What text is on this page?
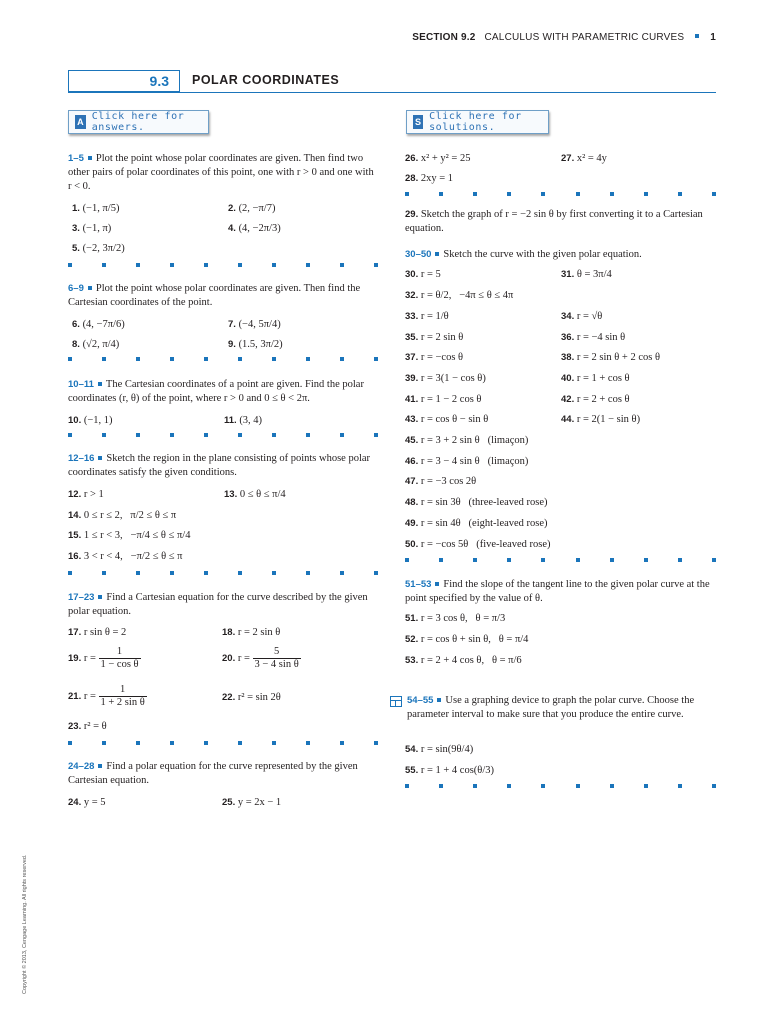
SECTION 9.2 CALCULUS WITH PARAMETRIC CURVES	1
9.3	POLAR COORDINATES
A Click here for answers.	S Click here for solutions.
1–5 Plot the point whose polar coordinates are given. Then find two other pairs of polar coordinates of this point, one with r > 0 and one with r < 0.
1. (−1, π/5)	2. (2, −π/7)
3. (−1, π)	4. (4, −2π/3)
5. (−2, 3π/2)
6–9 Plot the point whose polar coordinates are given. Then find the Cartesian coordinates of the point.
6. (4, −7π/6)	7. (−4, 5π/4)
8. (√2, π/4)	9. (1.5, 3π/2)
10–11 The Cartesian coordinates of a point are given. Find the polar coordinates (r, θ) of the point, where r > 0 and 0 ≤ θ < 2π.
10. (−1, 1)	11. (3, 4)
12–16 Sketch the region in the plane consisting of points whose polar coordinates satisfy the given conditions.
12. r > 1	13. 0 ≤ θ ≤ π/4
14. 0 ≤ r ≤ 2,   π/2 ≤ θ ≤ π
15. 1 ≤ r < 3,   −π/4 ≤ θ ≤ π/4
16. 3 < r < 4,   −π/2 ≤ θ ≤ π
17–23 Find a Cartesian equation for the curve described by the given polar equation.
17. r sin θ = 2	18. r = 2 sin θ
19. $r = \frac{1}{\text{1 − cos θ}}$	20. $r = \frac{5}{\text{3 − 4 sin θ}}$
21. $r = \frac{1}{\text{1 + 2 sin θ}}$	22. r² = sin 2θ
23. r² = θ
24–28 Find a polar equation for the curve represented by the given Cartesian equation.
24. y = 5	25. y = 2x − 1
26. x² + y² = 25	27. x² = 4y
28. 2xy = 1
29. Sketch the graph of r = −2 sin θ by first converting it to a Cartesian equation.
30–50 Sketch the curve with the given polar equation.
30. r = 5	31. θ = 3π/4
32. r = θ/2,   −4π ≤ θ ≤ 4π
33. r = 1/θ	34. r = √θ
35. r = 2 sin θ	36. r = −4 sin θ
37. r = −cos θ	38. r = 2 sin θ + 2 cos θ
39. r = 3(1 − cos θ)	40. r = 1 + cos θ
41. r = 1 − 2 cos θ	42. r = 2 + cos θ
43. r = cos θ − sin θ	44. r = 2(1 − sin θ)
45. r = 3 + 2 sin θ   (limaçon)
46. r = 3 − 4 sin θ   (limaçon)
47. r = −3 cos 2θ
48. r = sin 3θ   (three-leaved rose)
49. r = sin 4θ   (eight-leaved rose)
50. r = −cos 5θ   (five-leaved rose)
51–53 Find the slope of the tangent line to the given polar curve at the point specified by the value of θ.
51. r = 3 cos θ,   θ = π/3
52. r = cos θ + sin θ,   θ = π/4
53. r = 2 + 4 cos θ,   θ = π/6
54–55 Use a graphing device to graph the polar curve. Choose the parameter interval to make sure that you produce the entire curve.
54. r = sin(9θ/4)
55. r = 1 + 4 cos(θ/3)
Copyright © 2013, Cengage Learning. All rights reserved.
